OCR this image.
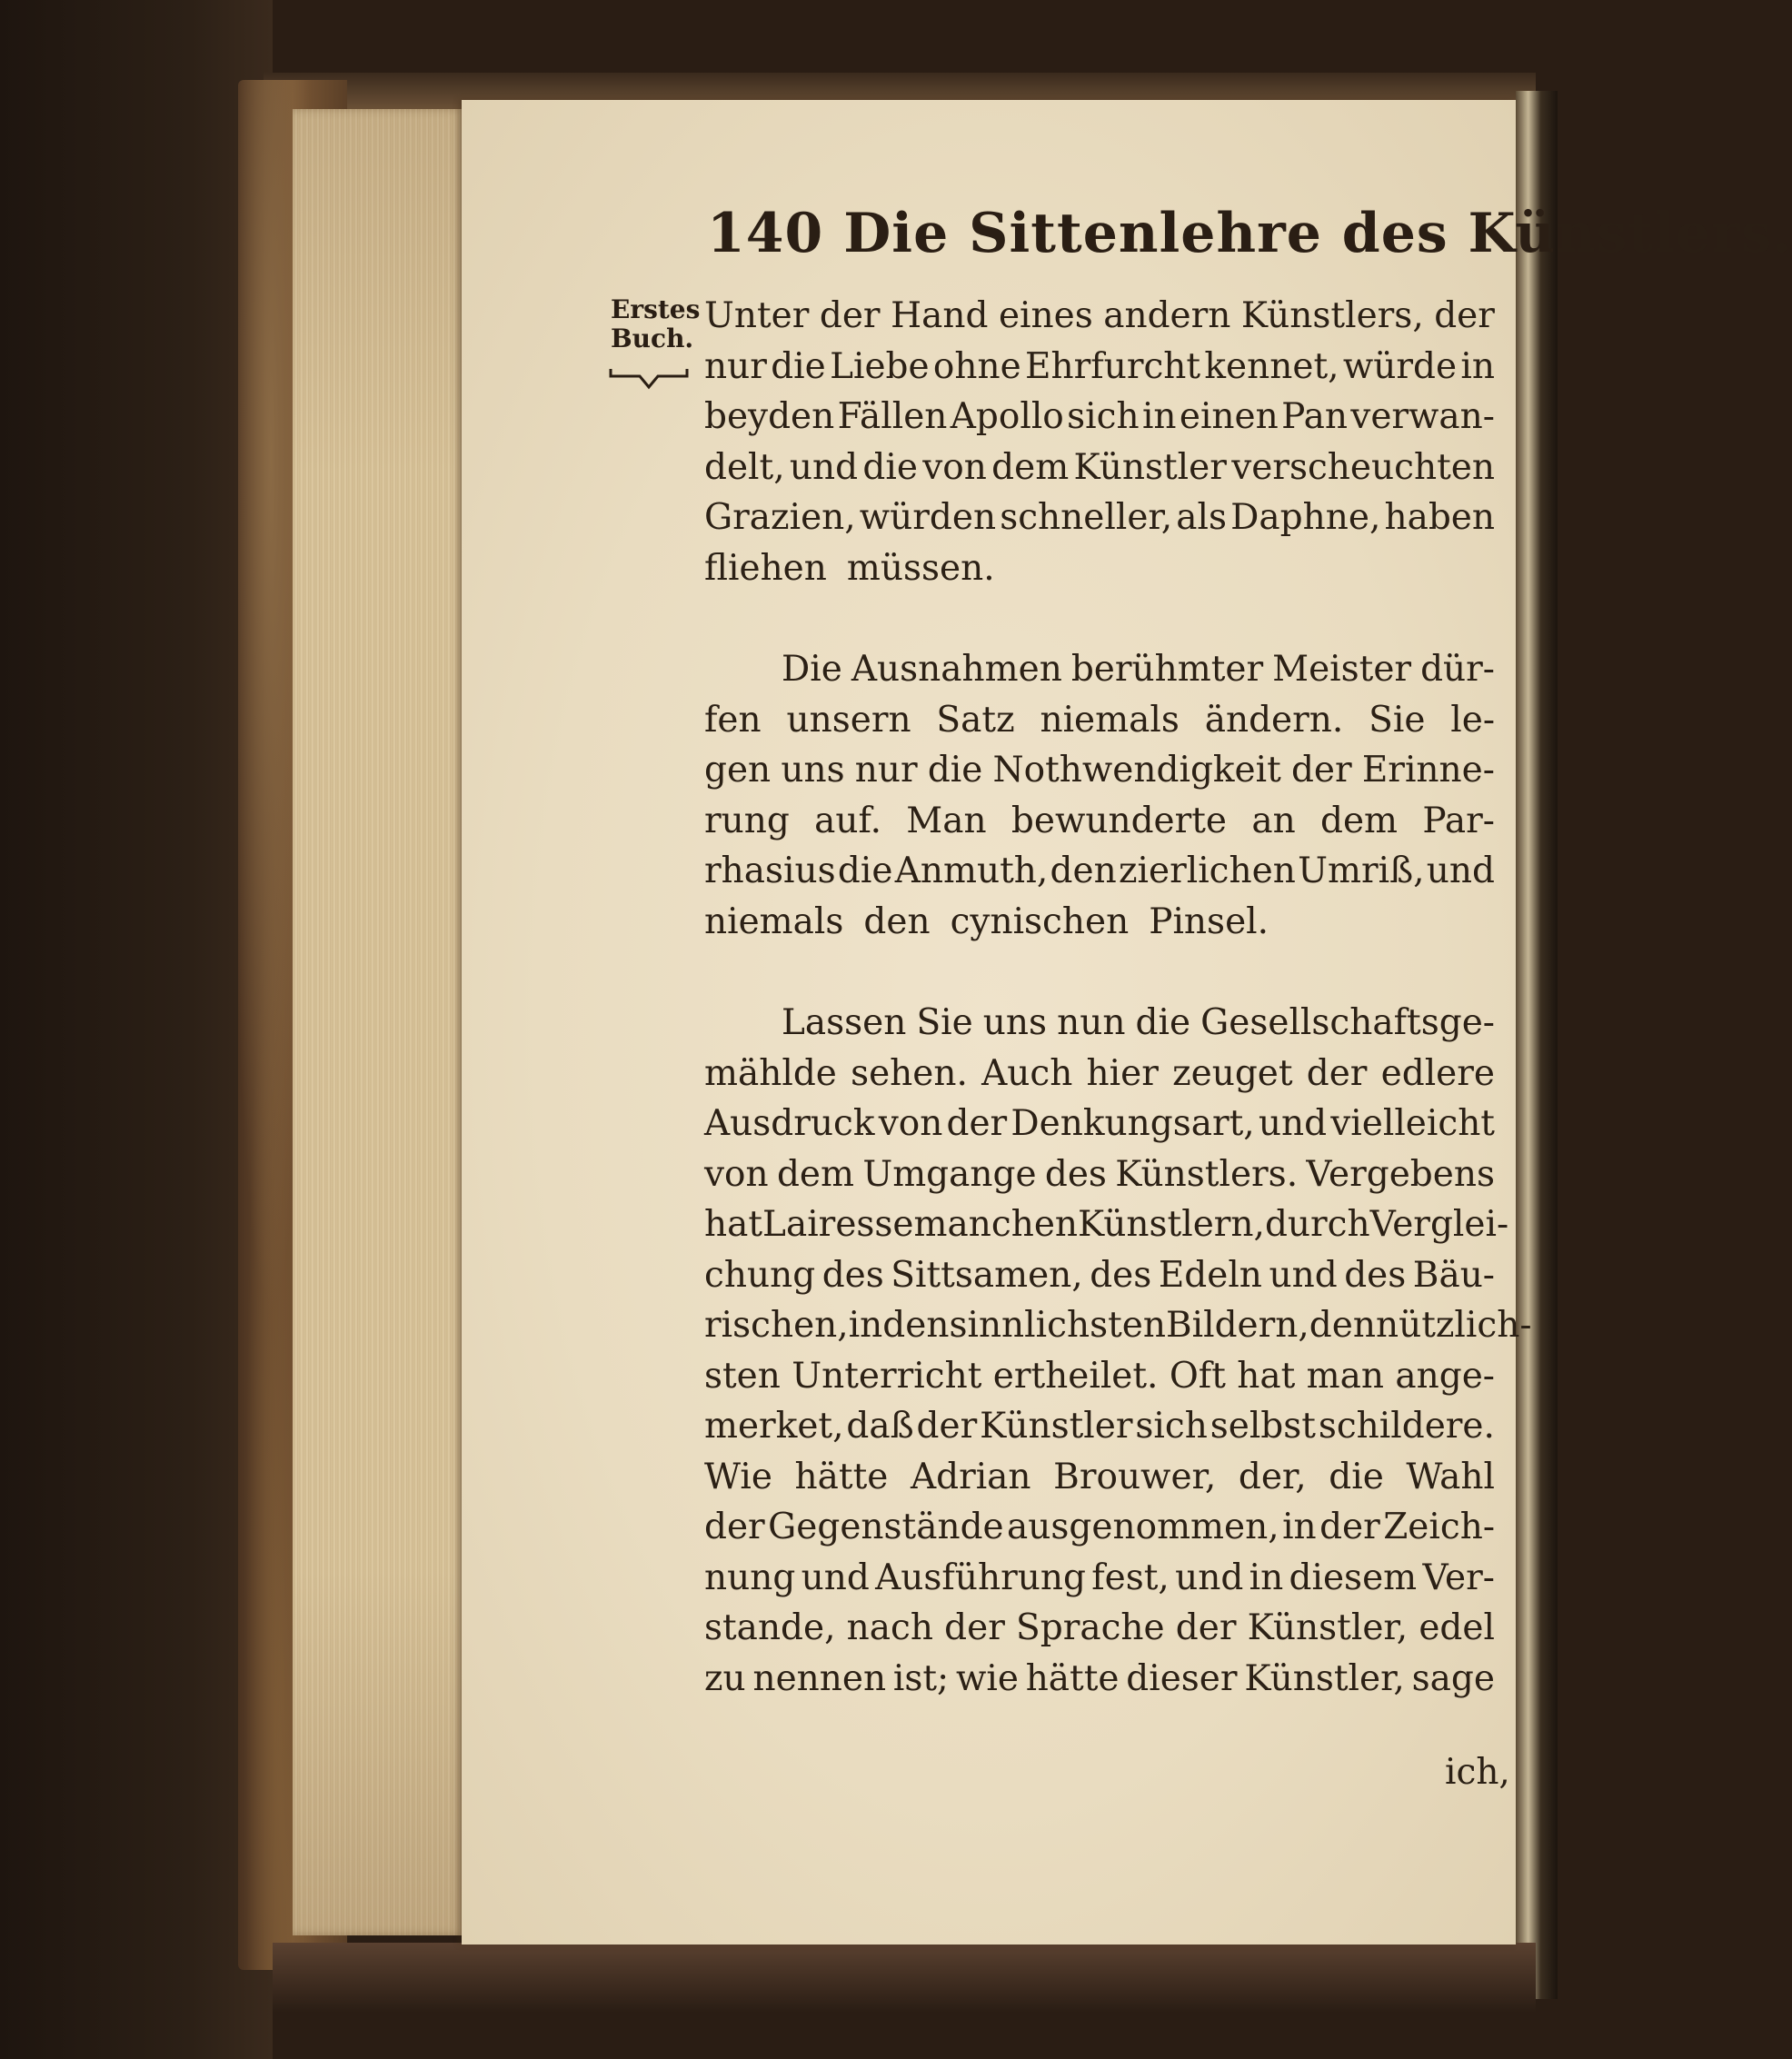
140 Die Sittenlehre des Künstlers.
Erstes
Buch.
Unter der Hand eines andern Künstlers, der
nur die Liebe ohne Ehrfurcht kennet, würde in
beyden Fällen Apollo sich in einen Pan verwan-
delt, und die von dem Künstler verscheuchten
Grazien, würden schneller, als Daphne, haben
fliehen müssen.
Die Ausnahmen berühmter Meister dür-
fen unsern Satz niemals ändern. Sie le-
gen uns nur die Nothwendigkeit der Erinne-
rung auf. Man bewunderte an dem Par-
rhasius die Anmuth, den zierlichen Umriß, und
niemals den cynischen Pinsel.
Lassen Sie uns nun die Gesellschaftsge-
mählde sehen. Auch hier zeuget der edlere
Ausdruck von der Denkungsart, und vielleicht
von dem Umgange des Künstlers. Vergebens
hat Lairesse manchen Künstlern, durch Verglei-
chung des Sittsamen, des Edeln und des Bäu-
rischen, in den sinnlichsten Bildern, den nützlich-
sten Unterricht ertheilet. Oft hat man ange-
merket, daß der Künstler sich selbst schildere.
Wie hätte Adrian Brouwer, der, die Wahl
der Gegenstände ausgenommen, in der Zeich-
nung und Ausführung fest, und in diesem Ver-
stande, nach der Sprache der Künstler, edel
zu nennen ist; wie hätte dieser Künstler, sage
ich,
